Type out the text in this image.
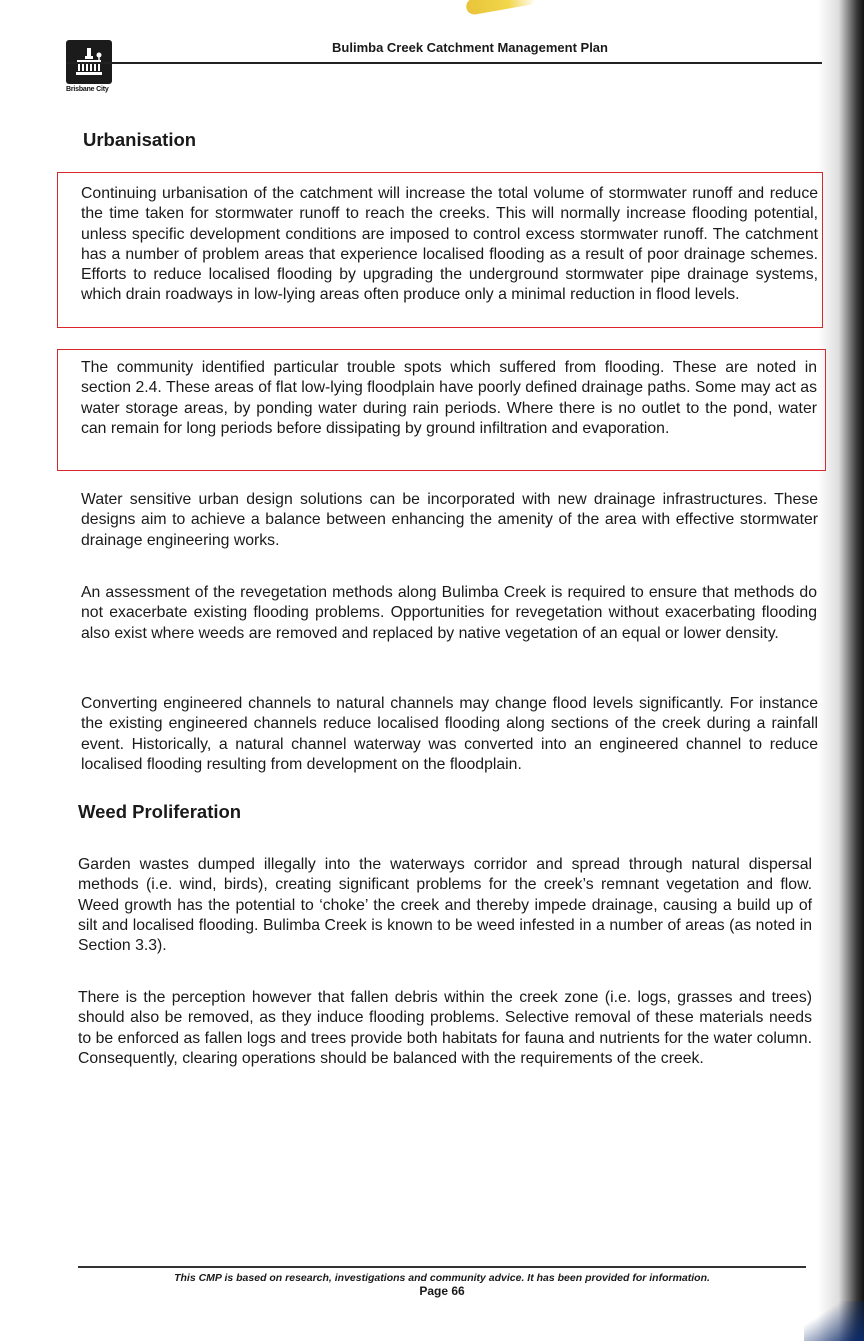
Brisbane City
Bulimba Creek Catchment Management Plan
Urbanisation

Continuing urbanisation of the catchment will increase the total volume of stormwater runoff and reduce the time taken for stormwater runoff to reach the creeks. This will normally increase flooding potential, unless specific development conditions are imposed to control excess stormwater runoff. The catchment has a number of problem areas that experience localised flooding as a result of poor drainage schemes. Efforts to reduce localised flooding by upgrading the underground stormwater pipe drainage systems, which drain roadways in low-lying areas often produce only a minimal reduction in flood levels.

The community identified particular trouble spots which suffered from flooding. These are noted in section 2.4. These areas of flat low-lying floodplain have poorly defined drainage paths. Some may act as water storage areas, by ponding water during rain periods. Where there is no outlet to the pond, water can remain for long periods before dissipating by ground infiltration and evaporation.

Water sensitive urban design solutions can be incorporated with new drainage infrastructures. These designs aim to achieve a balance between enhancing the amenity of the area with effective stormwater drainage engineering works.

An assessment of the revegetation methods along Bulimba Creek is required to ensure that methods do not exacerbate existing flooding problems. Opportunities for revegetation without exacerbating flooding also exist where weeds are removed and replaced by native vegetation of an equal or lower density.

Converting engineered channels to natural channels may change flood levels significantly. For instance the existing engineered channels reduce localised flooding along sections of the creek during a rainfall event. Historically, a natural channel waterway was converted into an engineered channel to reduce localised flooding resulting from development on the floodplain.

Weed Proliferation

Garden wastes dumped illegally into the waterways corridor and spread through natural dispersal methods (i.e. wind, birds), creating significant problems for the creek’s remnant vegetation and flow. Weed growth has the potential to ‘choke’ the creek and thereby impede drainage, causing a build up of silt and localised flooding. Bulimba Creek is known to be weed infested in a number of areas (as noted in Section 3.3).

There is the perception however that fallen debris within the creek zone (i.e. logs, grasses and trees) should also be removed, as they induce flooding problems. Selective removal of these materials needs to be enforced as fallen logs and trees provide both habitats for fauna and nutrients for the water column. Consequently, clearing operations should be balanced with the requirements of the creek.

This CMP is based on research, investigations and community advice. It has been provided for information.
Page 66
